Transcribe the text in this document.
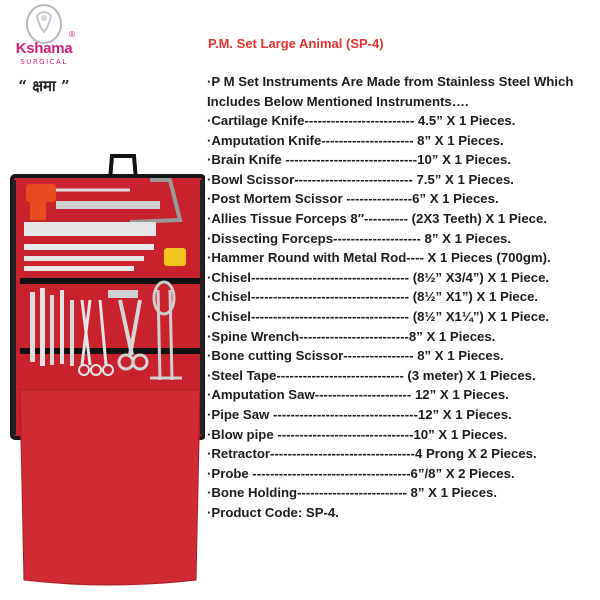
Kshama
®
SURGICAL
“ क्षमा ”
P.M. Set Large Animal (SP-4)
·P M Set Instruments Are Made from Stainless Steel Which Includes Below Mentioned Instruments….
·Cartilage Knife------------------------- 4.5” X 1 Pieces.
·Amputation Knife--------------------- 8” X 1 Pieces.
·Brain Knife ------------------------------10” X 1 Pieces.
·Bowl Scissor--------------------------- 7.5” X 1 Pieces.
·Post Mortem Scissor ---------------6” X 1 Pieces.
·Allies Tissue Forceps 8″---------- (2X3 Teeth) X 1 Piece.
·Dissecting Forceps-------------------- 8” X 1 Pieces.
·Hammer Round with Metal Rod---- X 1 Pieces (700gm).
·Chisel------------------------------------ (8½” X3/4”) X 1 Piece.
·Chisel------------------------------------ (8½” X1”) X 1 Piece.
·Chisel------------------------------------ (8½” X1¼”) X 1 Piece.
·Spine Wrench-------------------------8” X 1 Pieces.
·Bone cutting Scissor---------------- 8” X 1 Pieces.
·Steel Tape----------------------------- (3 meter) X 1 Pieces.
·Amputation Saw---------------------- 12” X 1 Pieces.
·Pipe Saw ---------------------------------12” X 1 Pieces.
·Blow pipe -------------------------------10” X 1 Pieces.
·Retractor---------------------------------4 Prong X 2 Pieces.
·Probe ------------------------------------6”/8” X 2 Pieces.
·Bone Holding------------------------- 8” X 1 Pieces.
·Product Code: SP-4.
